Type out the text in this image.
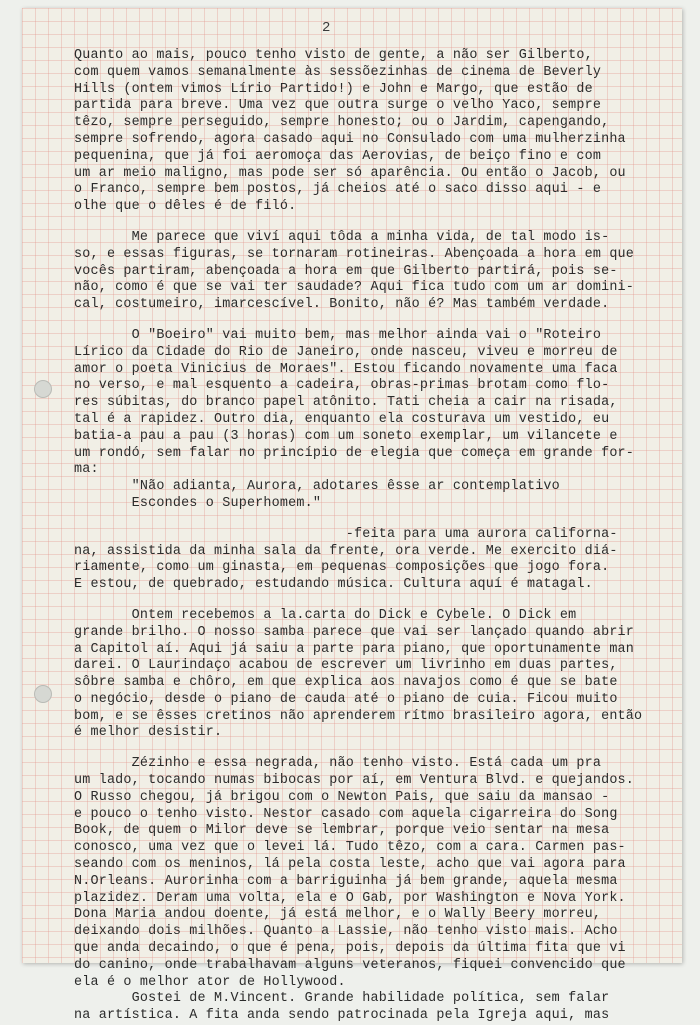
2
Quanto ao mais, pouco tenho visto de gente, a não ser Gilberto,
com quem vamos semanalmente às sessõezinhas de cinema de Beverly
Hills (ontem vimos Lírio Partido!) e John e Margo, que estão de
partida para breve. Uma vez que outra surge o velho Yaco, sempre
têzo, sempre perseguido, sempre honesto; ou o Jardim, capengando,
sempre sofrendo, agora casado aqui no Consulado com uma mulherzinha
pequenina, que já foi aeromoça das Aerovias, de beiço fino e com
um ar meio maligno, mas pode ser só aparência. Ou então o Jacob, ou
o Franco, sempre bem postos, já cheios até o saco disso aqui - e
olhe que o dêles é de filó.
Me parece que viví aqui tôda a minha vida, de tal modo is-
so, e essas figuras, se tornaram rotineiras. Abençoada a hora em que
vocês partiram, abençoada a hora em que Gilberto partirá, pois se-
não, como é que se vai ter saudade? Aqui fica tudo com um ar domini-
cal, costumeiro, imarcescível. Bonito, não é? Mas também verdade.
O "Boeiro" vai muito bem, mas melhor ainda vai o "Roteiro
Lírico da Cidade do Rio de Janeiro, onde nasceu, viveu e morreu de
amor o poeta Vinicius de Moraes". Estou ficando novamente uma faca
no verso, e mal esquento a cadeira, obras-primas brotam como flo-
res súbitas, do branco papel atônito. Tati cheia a cair na risada,
tal é a rapidez. Outro dia, enquanto ela costurava um vestido, eu
batia-a pau a pau (3 horas) com um soneto exemplar, um vilancete e
um rondó, sem falar no princípio de elegia que começa em grande for-
ma:
"Não adianta, Aurora, adotares êsse ar contemplativo
Escondes o Superhomem."
-feita para uma aurora californa-
na, assistida da minha sala da frente, ora verde. Me exercito diá-
riamente, como um ginasta, em pequenas composições que jogo fora.
E estou, de quebrado, estudando música. Cultura aquí é matagal.
Ontem recebemos a la.carta do Dick e Cybele. O Dick em
grande brilho. O nosso samba parece que vai ser lançado quando abrir
a Capitol aí. Aqui já saiu a parte para piano, que oportunamente man
darei. O Laurindaço acabou de escrever um livrinho em duas partes,
sôbre samba e chôro, em que explica aos navajos como é que se bate
o negócio, desde o piano de cauda até o piano de cuia. Ficou muito
bom, e se êsses cretinos não aprenderem rítmo brasileiro agora, então
é melhor desistir.
Zézinho e essa negrada, não tenho visto. Está cada um pra
um lado, tocando numas bibocas por aí, em Ventura Blvd. e quejandos.
O Russo chegou, já brigou com o Newton Pais, que saiu da mansao -
e pouco o tenho visto. Nestor casado com aquela cigarreira do Song
Book, de quem o Milor deve se lembrar, porque veio sentar na mesa
conosco, uma vez que o levei lá. Tudo têzo, com a cara. Carmen pas-
seando com os meninos, lá pela costa leste, acho que vai agora para
N.Orleans. Aurorinha com a barriguinha já bem grande, aquela mesma
plazidez. Deram uma volta, ela e O Gab, por Washington e Nova York.
Dona Maria andou doente, já está melhor, e o Wally Beery morreu,
deixando dois milhões. Quanto a Lassie, não tenho visto mais. Acho
que anda decaindo, o que é pena, pois, depois da última fita que vi
do canino, onde trabalhavam alguns veteranos, fiquei convencido que
ela é o melhor ator de Hollywood.
Gostei de M.Vincent. Grande habilidade política, sem falar
na artística. A fita anda sendo patrocinada pela Igreja aqui, mas
